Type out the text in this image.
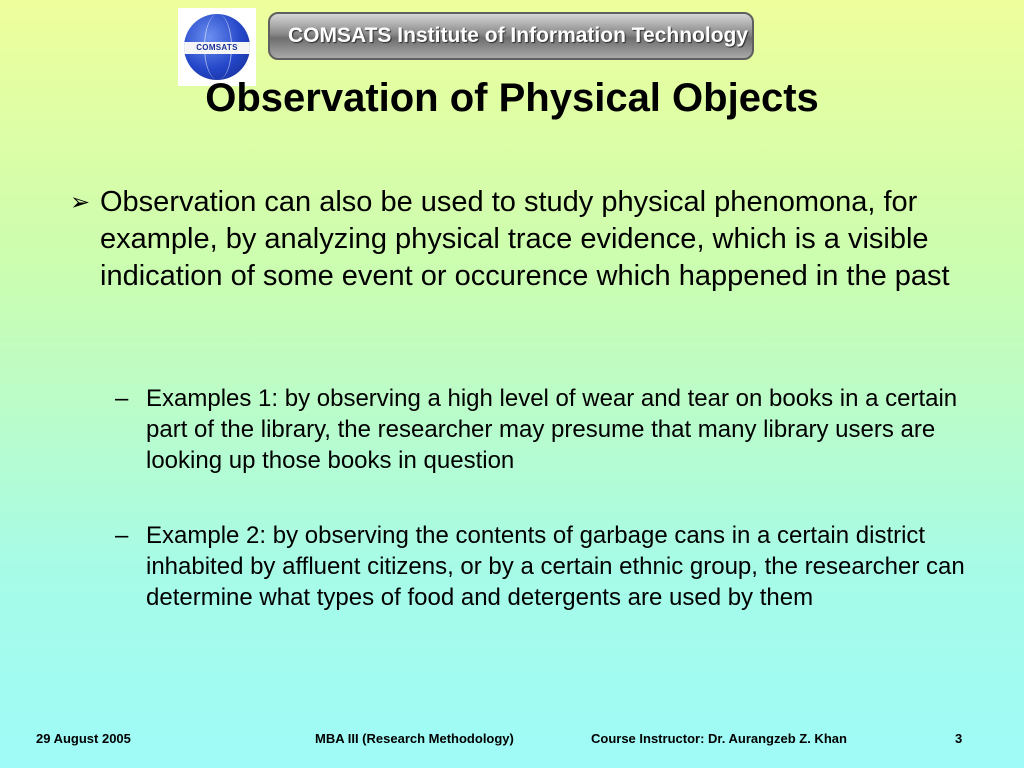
COMSATS
COMSATS Institute of Information Technology
Observation of Physical Objects
➢ Observation can also be used to study physical phenomona, for example, by analyzing physical trace evidence, which is a visible indication of some event or occurence which happened in the past
– Examples 1: by observing a high level of wear and tear on books in a certain part of the library, the researcher may presume that many library users are looking up those books in question
– Example 2: by observing the contents of garbage cans in a certain district inhabited by affluent citizens, or by a certain ethnic group, the researcher can determine what types of food and detergents are used by them
29 August 2005	MBA III (Research Methodology)	Course Instructor: Dr. Aurangzeb Z. Khan	3
